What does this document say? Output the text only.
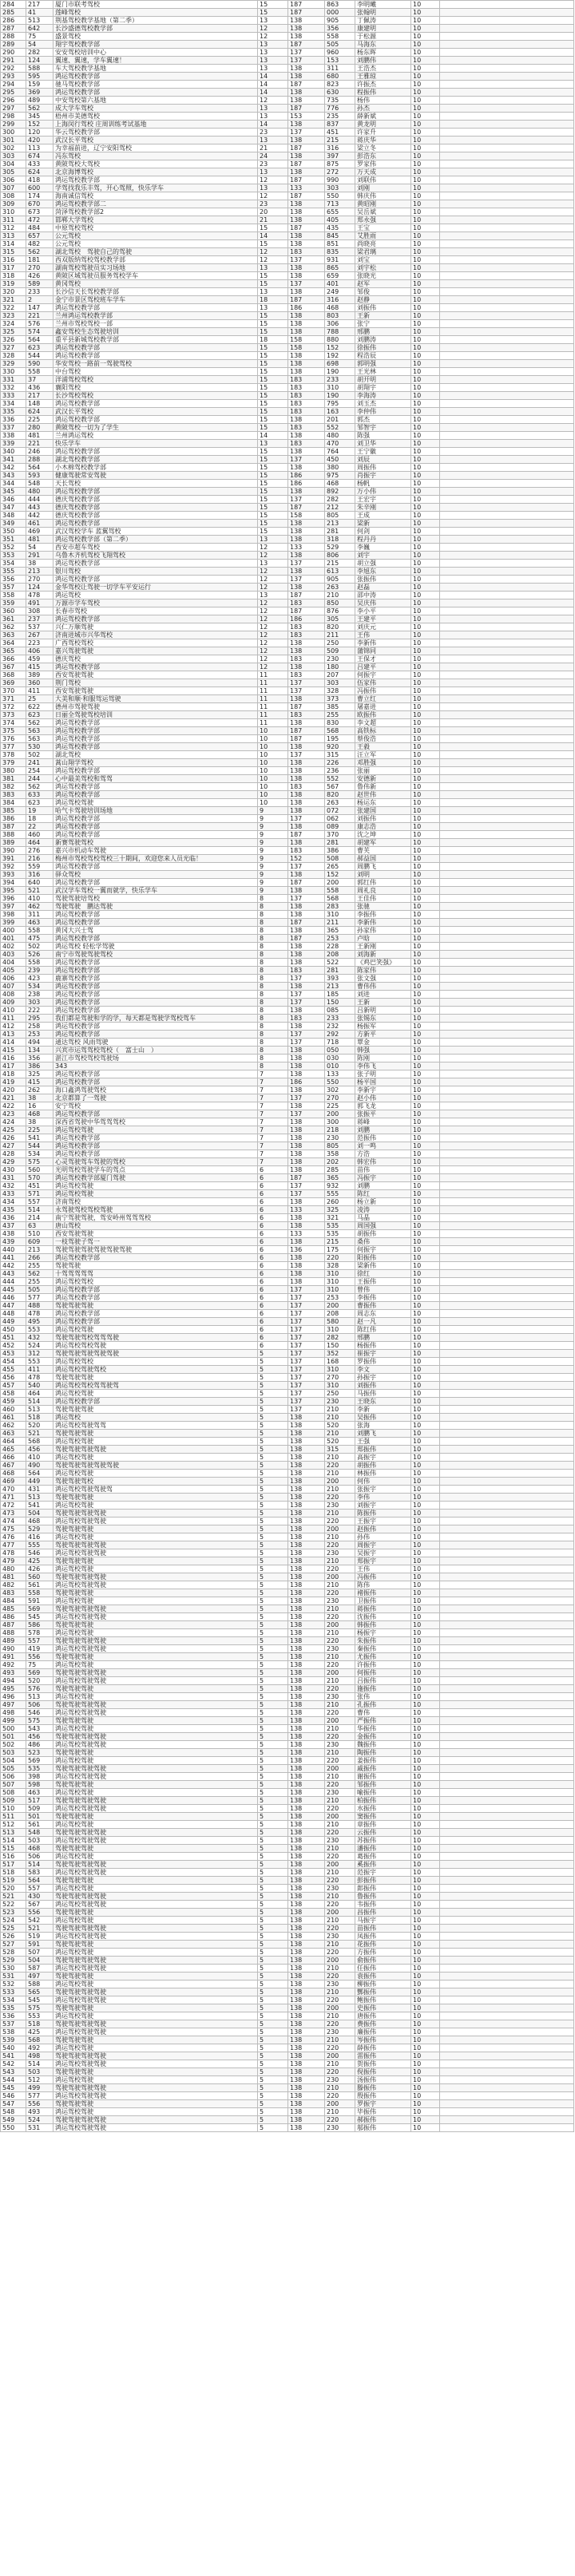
284	217	厦门市联考驾校	15	187	863	李明曦	10	
285	41	莲峰驾校	15	187	000	张翰明	10	
286	513	荆基驾校教学基地（第二季）	13	138	905	丁佩涛	10	
287	642	长沙盛德驾校教学部	12	138	356	康建明	10	
288	75	盛景驾校	12	138	558	于松源	10	
289	54	翔宇驾校教学部	13	187	505	马海东	10	
290	282	安安驾校培训中心	13	137	960	杨东晖	10	
291	124	翼速、翼速，学车翼速！	13	137	153	刘鹏伟	10	
292	588	车大驾校教学基地	13	138	311	王浩杰	10	
293	595	鸿运驾校教学部	14	138	680	王雅琼	10	
294	159	驰马驾校教学部	14	187	823	许振杰	10	
295	369	鸿运驾校教学部	14	138	630	程振伟	10	
296	489	中安驾校第六基地	12	138	735	杨伟	10	
297	562	成大学车驾校	13	187	776	孙杰	10	
298	345	梧州市美德驾校	13	153	235	薛新斌	10	
299	152	上海闵行驾校 庄周训练考试基地	14	138	837	黄龙明	10	
300	120	华云驾校教学部	23	137	451	许家升	10	
301	420	武汉长平驾校	13	138	215	蒋庆华	10	
302	113	为幸福前进，辽宁安阳驾校	21	187	316	梁立冬	10	
303	674	冯东驾校	24	138	397	彭浩东	10	
304	433	黄陂驾校大驾校	23	187	875	罗家伟	10	
305	624	北京海博驾校	13	138	272	万天成	10	
306	418	鸿运驾校教学部	12	187	990	刘联伟	10	
307	600	学驾找我乐丰驾，开心驾照，快乐学车	13	133	303	刘刚	10	
308	174	海南诚信驾校	12	187	550	韩庆伟	10	
309	670	鸿运驾校教学部二	23	138	713	黄昭刚	10	
310	673	菏泽驾校教学部2	20	138	655	吴岳斌	10	
311	472	邯郸大学驾校	21	138	405	郑永强	10	
312	484	中原驾校驾校	15	187	435	王宝	10	
313	657	公元驾校	14	138	845	艾胜雨	10	
314	482	公元驾校	15	138	851	尚晓亮	10	
315	562	湖北驾校　驾驶自己的驾驶	12	183	835	梁君璃	10	
316	181	西双版纳驾校驾校教学部	12	137	931	刘宝	10	
317	270	湖南驾校驾驶员实习场地	13	138	865	刘宇松	10	
318	426	黄陂区城驾驶员服务驾校学车	15	138	659	张晓光	10	
319	589	黄冈驾校	15	137	401	赵军	10	
320	233	长沙信天长驾校教学部	13	138	249	邹俊	10	
321	2	金宁市景区驾校班车学车	18	187	316	赵静	10	
322	147	鸿运驾校教学部	13	186	468	刘振伟	10	
323	221	兰州鸿运驾校教学部	15	138	803	王新	10	
324	576	兰州市驾校驾校一部	15	138	306	张宁	10	
325	574	鑫安驾校生态驾驶培训	15	138	788	邢鹏	10	
326	564	重平县新城驾校教学部	18	158	880	刘鹏涛	10	
327	623	鸿运驾校教学部	15	158	152	徐振伟	10	
328	544	鸿运驾校教学部	15	138	192	程浩辰	10	
329	590	华安驾校一路前一驾驶驾校	15	138	698	郭明强	10	
330	558	中台驾校	15	138	190	王光林	10	
331	37	洋浦驾校驾校	15	183	233	胡开明	10	
332	436	襄阳驾校	15	183	310	胡翔宇	10	
333	217	长沙驾校驾校	15	183	190	李海涛	10	
334	148	鸿运驾校教学部	15	183	795	刘玉杰	10	
335	624	武汉长平驾校	15	183	163	李仲伟	10	
336	225	鸿运驾校教学部	15	138	201	郭杰	10	
337	280	黄陂驾校一切为了学生	15	183	552	邹智宇	10	
338	481	兰州鸿运驾校	14	138	480	陈强	10	
339	221	快乐学车	13	183	470	刘卫华	10	
340	246	鸿运驾校教学部	15	138	764	王宁徽	10	
341	288	湖北驾校教学部	15	137	450	刘辰	10	
342	564	小木棉驾校教学部	15	138	380	周振伟	10	
343	593	健康驾驶常安驾驶	15	186	975	肖振宇	10	
344	548	天长驾校	15	186	468	杨帆	10	
345	480	鸿运驾校教学部	15	138	892	万小伟	10	
346	444	德庆驾校教学部	15	137	282	王宏宇	10	
347	443	德庆驾校教学部	15	187	212	朱辛刚	10	
348	442	德庆驾校教学部	15	158	805	王成	10	
349	461	鸿运驾校教学部	15	138	213	梁新	10	
350	469	武汉驾校学车 蓝翼驾校	15	138	281	何剑	10	
351	481	鸿运驾校教学部（第二季）	13	138	318	程丹丹	10	
352	54	西安市超车驾校	12	133	529	李巍	10	
353	291	乌鲁木齐机驾校飞翔驾校	12	138	806	刘宇	10	
354	38	鸿运驾校教学部	13	137	215	胡立强	10	
355	213	银川驾校	12	138	613	李旭东	10	
356	270	鸿运驾校教学部	12	137	905	张振伟	10	
357	124	金华驾校让驾驶一切学车平安运行	12	138	263	赵磊	10	
358	478	鸿运驾校	13	187	210	邵中涛	10	
359	491	万源市学车驾校	12	183	850	吴庆伟	10	
360	308	长春市驾校	12	187	876	李小平	10	
361	237	鸿运驾校教学部	12	186	305	王建平	10	
362	537	兴仁万顺驾驶	12	183	820	刘庆元	10	
363	267	济南进城市兴华驾校	12	183	211	王伟	10	
364	223	广西驾校驾校	12	138	250	李新伟	10	
365	406	嘉兴驾驶驾驶	12	138	509	蒲锦同	10	
366	459	德庆驾校	12	183	230	王保才	10	
367	415	鸿运驾校教学部	12	138	180	吕建平	10	
368	389	西安驾驶驾驶	11	183	207	何振宇	10	
369	360	荆门驾校	11	137	303	伍家伟	10	
370	411	西安驾驶驾驶	11	137	328	冯振伟	10	
371	25	大美和顺·和服驾运驾驶	11	138	373	曹立红	10	
372	622	德州市驾驶驾驶	11	187	385	屠嘉进	10	
373	623	日丽全驾驶驾校培训	11	183	255	欧振伟	10	
374	562	鸿运驾校教学部	11	138	830	李文超	10	
375	563	鸿运驾校教学部	10	187	568	高铁标	10	
376	563	鸿运驾校教学部	10	187	195	蔡俊浩	10	
377	530	鸿运驾校教学部	10	138	920	王毅	10	
378	502	湖北驾校	10	137	315	汪立军	10	
379	241	蒿山翔学驾校	10	138	226	邓胜强	10	
380	254	鸿运驾校教学部	10	138	236	张丽	10	
381	244	心中最美驾校和驾驾	10	138	552	安德新	10	
382	562	鸿运驾校教学部	10	183	567	鲁伟新	10	
383	633	鸿运驾校教学部	10	138	820	赵世伟	10	
384	623	鸿运驾校驾驶	10	138	263	杨运东	10	
385	19	哈气卡驾驶培训场地	9	138	072	张建国	10	
386	18	鸿运驾校教学部	9	137	062	刘振伟	10	
387	22	鸿运驾校教学部	9	138	089	康志浩	10	
388	460	鸿运驾校教学部	9	187	370	沈之坤	10	
389	464	新赛驾驶驾校	9	138	281	胡建军	10	
390	276	嘉兴市机动车驾驶	9	183	386	曹芙	10	
391	216	梅州市驾校驾校驾校三十期间，欢迎您来人员光临！	9	152	508	郝益国	10	
392	559	鸿运驾校教学部	9	137	265	周鹏飞	10	
393	316	驿众驾校	9	138	152	刘明	10	
394	640	鸿运驾校教学部	9	187	200	郭红伟	10	
395	521	武汉学车驾校一翼而就学，快乐学车	9	138	558	周礼良	10	
396	410	驾驶驾驶培驾校	8	137	568	王佳伟	10	
397	462	驾驶驾驶　鹏达驾驶	8	138	283	张驰	10	
398	311	鸿运驾校教学部	8	138	310	李振伟	10	
399	463	鸿运驾校教学部	8	187	211	李新伟	10	
400	558	黄冈大兴士驾	8	138	365	孙家伟	10	
401	475	鸿运驾校教学部	8	187	253	卢晗	10	
402	502	鸿运驾校 轻松学驾驶	8	138	228	王新刚	10	
403	526	南宁市驾驶驾驶驾校	8	138	208	刘海新	10	
404	558	鸿运驾校教学部	8	138	522	《鸡巴笑强》	10	
405	239	鸿运驾校教学部	8	183	281	陈家伟	10	
406	423	鹿寨驾校教学部	8	137	393	张文强	10	
407	534	鸿运驾校教学部	8	138	213	曹伟伟	10	
408	238	鸿运驾校教学部	8	137	185	刘进	10	
409	303	鸿运驾校教学部	8	137	150	王新	10	
410	222	鸿运驾校教学部	8	138	085	吕新明	10	
411	295	我们都是驾驶和学的学，每天都是驾驶学驾校驾车	8	183	233	张锡东	10	
412	258	鸿运驾校教学部	8	138	232	杨振军	10	
413	253	鸿运驾校教学部	8	137	292	方新平	10	
414	494	通达驾校 风雨驾驶	8	137	718	覃金	10	
415	134	兴宾市运驾驾校驾校（　富士山　）	8	138	050	韩强	10	
416	356	湛江市驾校驾校驾驶场	8	138	030	陈刚	10	
417	386	343	8	138	010	李伟飞	10	
418	325	鸿运驾校教学部	7	138	133	张子明	10	
419	415	鸿运驾校教学部	7	186	550	杨平国	10	
420	262	海口鑫鸿驾驶驾校	7	138	302	李新宇	10	
421	38	北京都算了一驾驶	7	137	270	赵小伟	10	
422	16	安宁驾校	7	138	225	郭飞龙	10	
423	468	鸿运驾校教学部	7	137	200	张振平	10	
424	38	深西省驾驶中华驾驾驾校	7	138	300	蒋峰	10	
425	225	鸿运驾校驾驶	7	138	218	刘鹏	10	
426	541	鸿运驾校教学部	7	138	230	范振伟	10	
427	544	鸿运驾校教学部	7	138	805	刘一鸣	10	
428	534	鸿运驾校教学部	7	138	358	方浩	10	
429	575	心灵驾驶驾车驾驶的驾校	7	138	202	韩宏伟	10	
430	560	光明驾校驾驶学车的驾点	6	138	285	苗伟	10	
431	570	鸿运驾校教学部厦门驾驶	6	187	365	冯振宇	10	
432	451	鸿运驾校驾驶	6	137	932	刘鹏	10	
433	571	鸿运驾校驾驶	6	137	555	陈红	10	
434	557	济南驾校	6	138	260	杨立新	10	
435	514	永驾驶驾校驾校驾驶	6	133	325	凌涛	10	
436	214	南宁驾驶驾驶，驾安岭州驾驾驾校	6	138	321	马晶	10	
437	63	唐山驾校	6	138	535	周国强	10	
438	510	西安驾驶驾驶	6	133	535	胡振伟	10	
439	609	一枝驾驶子驾一	6	138	215	桑伟	10	
440	213	驾驶驾驶驾驶驾驶驾驶驾驶	6	136	175	何振宇	10	
441	266	鸿运驾校教学部	6	138	220	阳振伟	10	
442	255	驾驶驾驶	6	138	328	梁新伟	10	
443	562	十驾驾驾驾驾	6	138	310	徐红	10	
444	255	鸿运驾校驾校	6	138	310	王振伟	10	
445	505	鸿运驾校教学部	6	137	310	曾伟	10	
446	577	鸿运驾校教学部	6	137	253	李振伟	10	
447	488	驾驶驾驶驾驶	6	137	200	曹振伟	10	
448	478	鸿运驾校教学部	6	137	208	周志东	10	
449	495	鸿运驾校教学部	6	137	580	赵一凡	10	
450	553	鸿运驾校驾驶	6	137	310	陈红伟	10	
451	432	驾驶驾驶驾校驾驾驾驶	6	137	282	邢鹏	10	
452	524	鸿运驾校驾校驾驶	6	137	150	杨振伟	10	
453	312	驾驶驾驶驾驶驾驶驾驶	5	137	352	崔振宇	10	
454	553	鸿运驾校驾校	5	137	168	罗振伟	10	
455	411	鸿运驾校驾驶驾校	5	137	310	李文	10	
456	478	驾驶驾驶驾驶	5	137	270	孙振宇	10	
457	540	鸿运驾校驾校驾驾驶驾	5	137	310	刘振伟	10	
458	464	鸿运驾校驾驶	5	137	250	马振伟	10	
459	514	鸿运驾校教学部	5	137	230	王晓东	10	
460	513	驾驶驾驶驾驶	5	137	210	李新	10	
461	518	鸿运驾校	5	138	210	吴振伟	10	
462	520	鸿运驾校驾驶驾驾	5	138	520	张海	10	
463	521	驾驶驾驶驾驶	5	138	210	刘鹏飞	10	
464	568	鸿运驾校驾驶	5	138	520	王强	10	
465	456	驾驶驾驶驾驶驾驶	5	138	315	郑振伟	10	
466	410	鸿运驾校驾驶	5	138	210	高振宇	10	
467	490	驾驶驾驶驾驶驾驶驾驶	5	138	220	胡振伟	10	
468	564	鸿运驾校驾驶	5	138	210	林振伟	10	
469	449	驾驶驾驶驾校	5	138	200	何伟	10	
470	431	鸿运驾校驾驶驾驶驾	5	138	210	张振宇	10	
471	513	驾驶驾驶驾驶	5	138	220	李伟	10	
472	541	鸿运驾校驾驶	5	138	230	刘振宇	10	
473	504	驾驶驾驶驾驶驾驶	5	138	210	陈振伟	10	
474	468	鸿运驾校驾驶驾驶	5	138	220	王振宇	10	
475	529	驾驶驾驶驾驶	5	138	200	赵振伟	10	
476	416	鸿运驾校驾驶	5	138	210	孙伟	10	
477	555	驾驶驾驶驾驶驾驶	5	138	220	周振宇	10	
478	546	鸿运驾校驾驶驾驶	5	138	230	吴振宇	10	
479	425	驾驶驾驶驾驶	5	138	210	郑振宇	10	
480	426	鸿运驾校驾驶	5	138	220	王伟	10	
481	560	驾驶驾驶驾驶驾驶	5	138	200	冯振伟	10	
482	561	鸿运驾校驾驶驾驶	5	138	210	陈伟	10	
483	558	驾驶驾驶驾驶	5	138	220	褚振伟	10	
484	591	鸿运驾校驾驶	5	138	230	卫振伟	10	
485	569	驾驶驾驶驾驶驾驶	5	138	210	蒋振伟	10	
486	545	鸿运驾校驾驶驾驶	5	138	220	沈振伟	10	
487	586	驾驶驾驶驾驶	5	138	200	韩振伟	10	
488	578	鸿运驾校驾驶	5	138	210	杨振宇	10	
489	557	驾驶驾驶驾驶驾驶	5	138	220	朱振伟	10	
490	419	鸿运驾校驾驶驾驶	5	138	230	秦振伟	10	
491	556	驾驶驾驶驾驶	5	138	210	尤振伟	10	
492	75	鸿运驾校驾驶	5	138	220	许振伟	10	
493	569	驾驶驾驶驾驶驾驶	5	138	200	何振伟	10	
494	520	鸿运驾校驾驶驾驶	5	138	210	吕振伟	10	
495	576	驾驶驾驶驾驶	5	138	220	施振伟	10	
496	513	鸿运驾校驾驶	5	138	230	张伟	10	
497	506	驾驶驾驶驾驶驾驶	5	138	210	孔振伟	10	
498	546	鸿运驾校驾驶驾驶	5	138	220	曹伟	10	
499	575	驾驶驾驶驾驶	5	138	200	严振伟	10	
500	543	鸿运驾校驾驶	5	138	210	华振伟	10	
501	456	驾驶驾驶驾驶驾驶	5	138	220	金振伟	10	
502	486	鸿运驾校驾驶驾驶	5	138	230	魏振伟	10	
503	523	驾驶驾驶驾驶	5	138	210	陶振伟	10	
504	569	鸿运驾校驾驶	5	138	220	姜振伟	10	
505	535	驾驶驾驶驾驶驾驶	5	138	200	戚振伟	10	
506	398	鸿运驾校驾驶驾驶	5	138	210	谢振伟	10	
507	598	驾驶驾驶驾驶	5	138	220	邹振伟	10	
508	463	鸿运驾校驾驶	5	138	230	喻振伟	10	
509	517	驾驶驾驶驾驶驾驶	5	138	210	柏振伟	10	
510	509	鸿运驾校驾驶驾驶	5	138	220	水振伟	10	
511	501	驾驶驾驶驾驶	5	138	200	窦振伟	10	
512	561	鸿运驾校驾驶	5	138	210	章振伟	10	
513	548	驾驶驾驶驾驶驾驶	5	138	220	云振伟	10	
514	503	鸿运驾校驾驶驾驶	5	138	230	苏振伟	10	
515	468	驾驶驾驶驾驶	5	138	210	潘振伟	10	
516	506	鸿运驾校驾驶	5	138	220	葛振伟	10	
517	514	驾驶驾驶驾驶驾驶	5	138	200	奚振伟	10	
518	583	鸿运驾校驾驶驾驶	5	138	210	范振宇	10	
519	564	驾驶驾驶驾驶	5	138	220	彭振伟	10	
520	557	鸿运驾校驾驶	5	138	230	郎振伟	10	
521	430	驾驶驾驶驾驶驾驶	5	138	210	鲁振伟	10	
522	567	鸿运驾校驾驶驾驶	5	138	220	韦振伟	10	
523	556	驾驶驾驶驾驶	5	138	200	昌振伟	10	
524	542	鸿运驾校驾驶	5	138	210	马振宇	10	
525	521	驾驶驾驶驾驶驾驶	5	138	220	苗振伟	10	
526	519	鸿运驾校驾驶驾驶	5	138	230	凤振伟	10	
527	591	驾驶驾驶驾驶	5	138	210	花振伟	10	
528	507	鸿运驾校驾驶	5	138	220	方振伟	10	
529	504	驾驶驾驶驾驶驾驶	5	138	200	俞振伟	10	
530	587	鸿运驾校驾驶驾驶	5	138	210	任振伟	10	
531	497	驾驶驾驶驾驶	5	138	220	袁振伟	10	
532	588	鸿运驾校驾驶	5	138	230	柳振伟	10	
533	565	驾驶驾驶驾驶驾驶	5	138	210	酆振伟	10	
534	545	鸿运驾校驾驶驾驶	5	138	220	鲍振伟	10	
535	575	驾驶驾驶驾驶	5	138	200	史振伟	10	
536	553	鸿运驾校驾驶	5	138	210	唐振伟	10	
537	518	驾驶驾驶驾驶驾驶	5	138	220	费振伟	10	
538	425	鸿运驾校驾驶驾驶	5	138	230	廉振伟	10	
539	568	驾驶驾驶驾驶	5	138	210	岑振伟	10	
540	492	鸿运驾校驾驶	5	138	220	薛振伟	10	
541	498	驾驶驾驶驾驶驾驶	5	138	200	雷振伟	10	
542	514	鸿运驾校驾驶驾驶	5	138	210	贺振伟	10	
543	503	驾驶驾驶驾驶	5	138	220	倪振伟	10	
544	512	鸿运驾校驾驶	5	138	230	汤振伟	10	
545	499	驾驶驾驶驾驶驾驶	5	138	210	滕振伟	10	
546	577	鸿运驾校驾驶驾驶	5	138	220	殷振伟	10	
547	556	驾驶驾驶驾驶	5	138	200	罗振宇	10	
548	493	鸿运驾校驾驶	5	138	210	毕振伟	10	
549	524	驾驶驾驶驾驶驾驶	5	138	220	郝振伟	10	
550	531	鸿运驾校驾驶驾驶	5	138	230	邬振伟	10	
